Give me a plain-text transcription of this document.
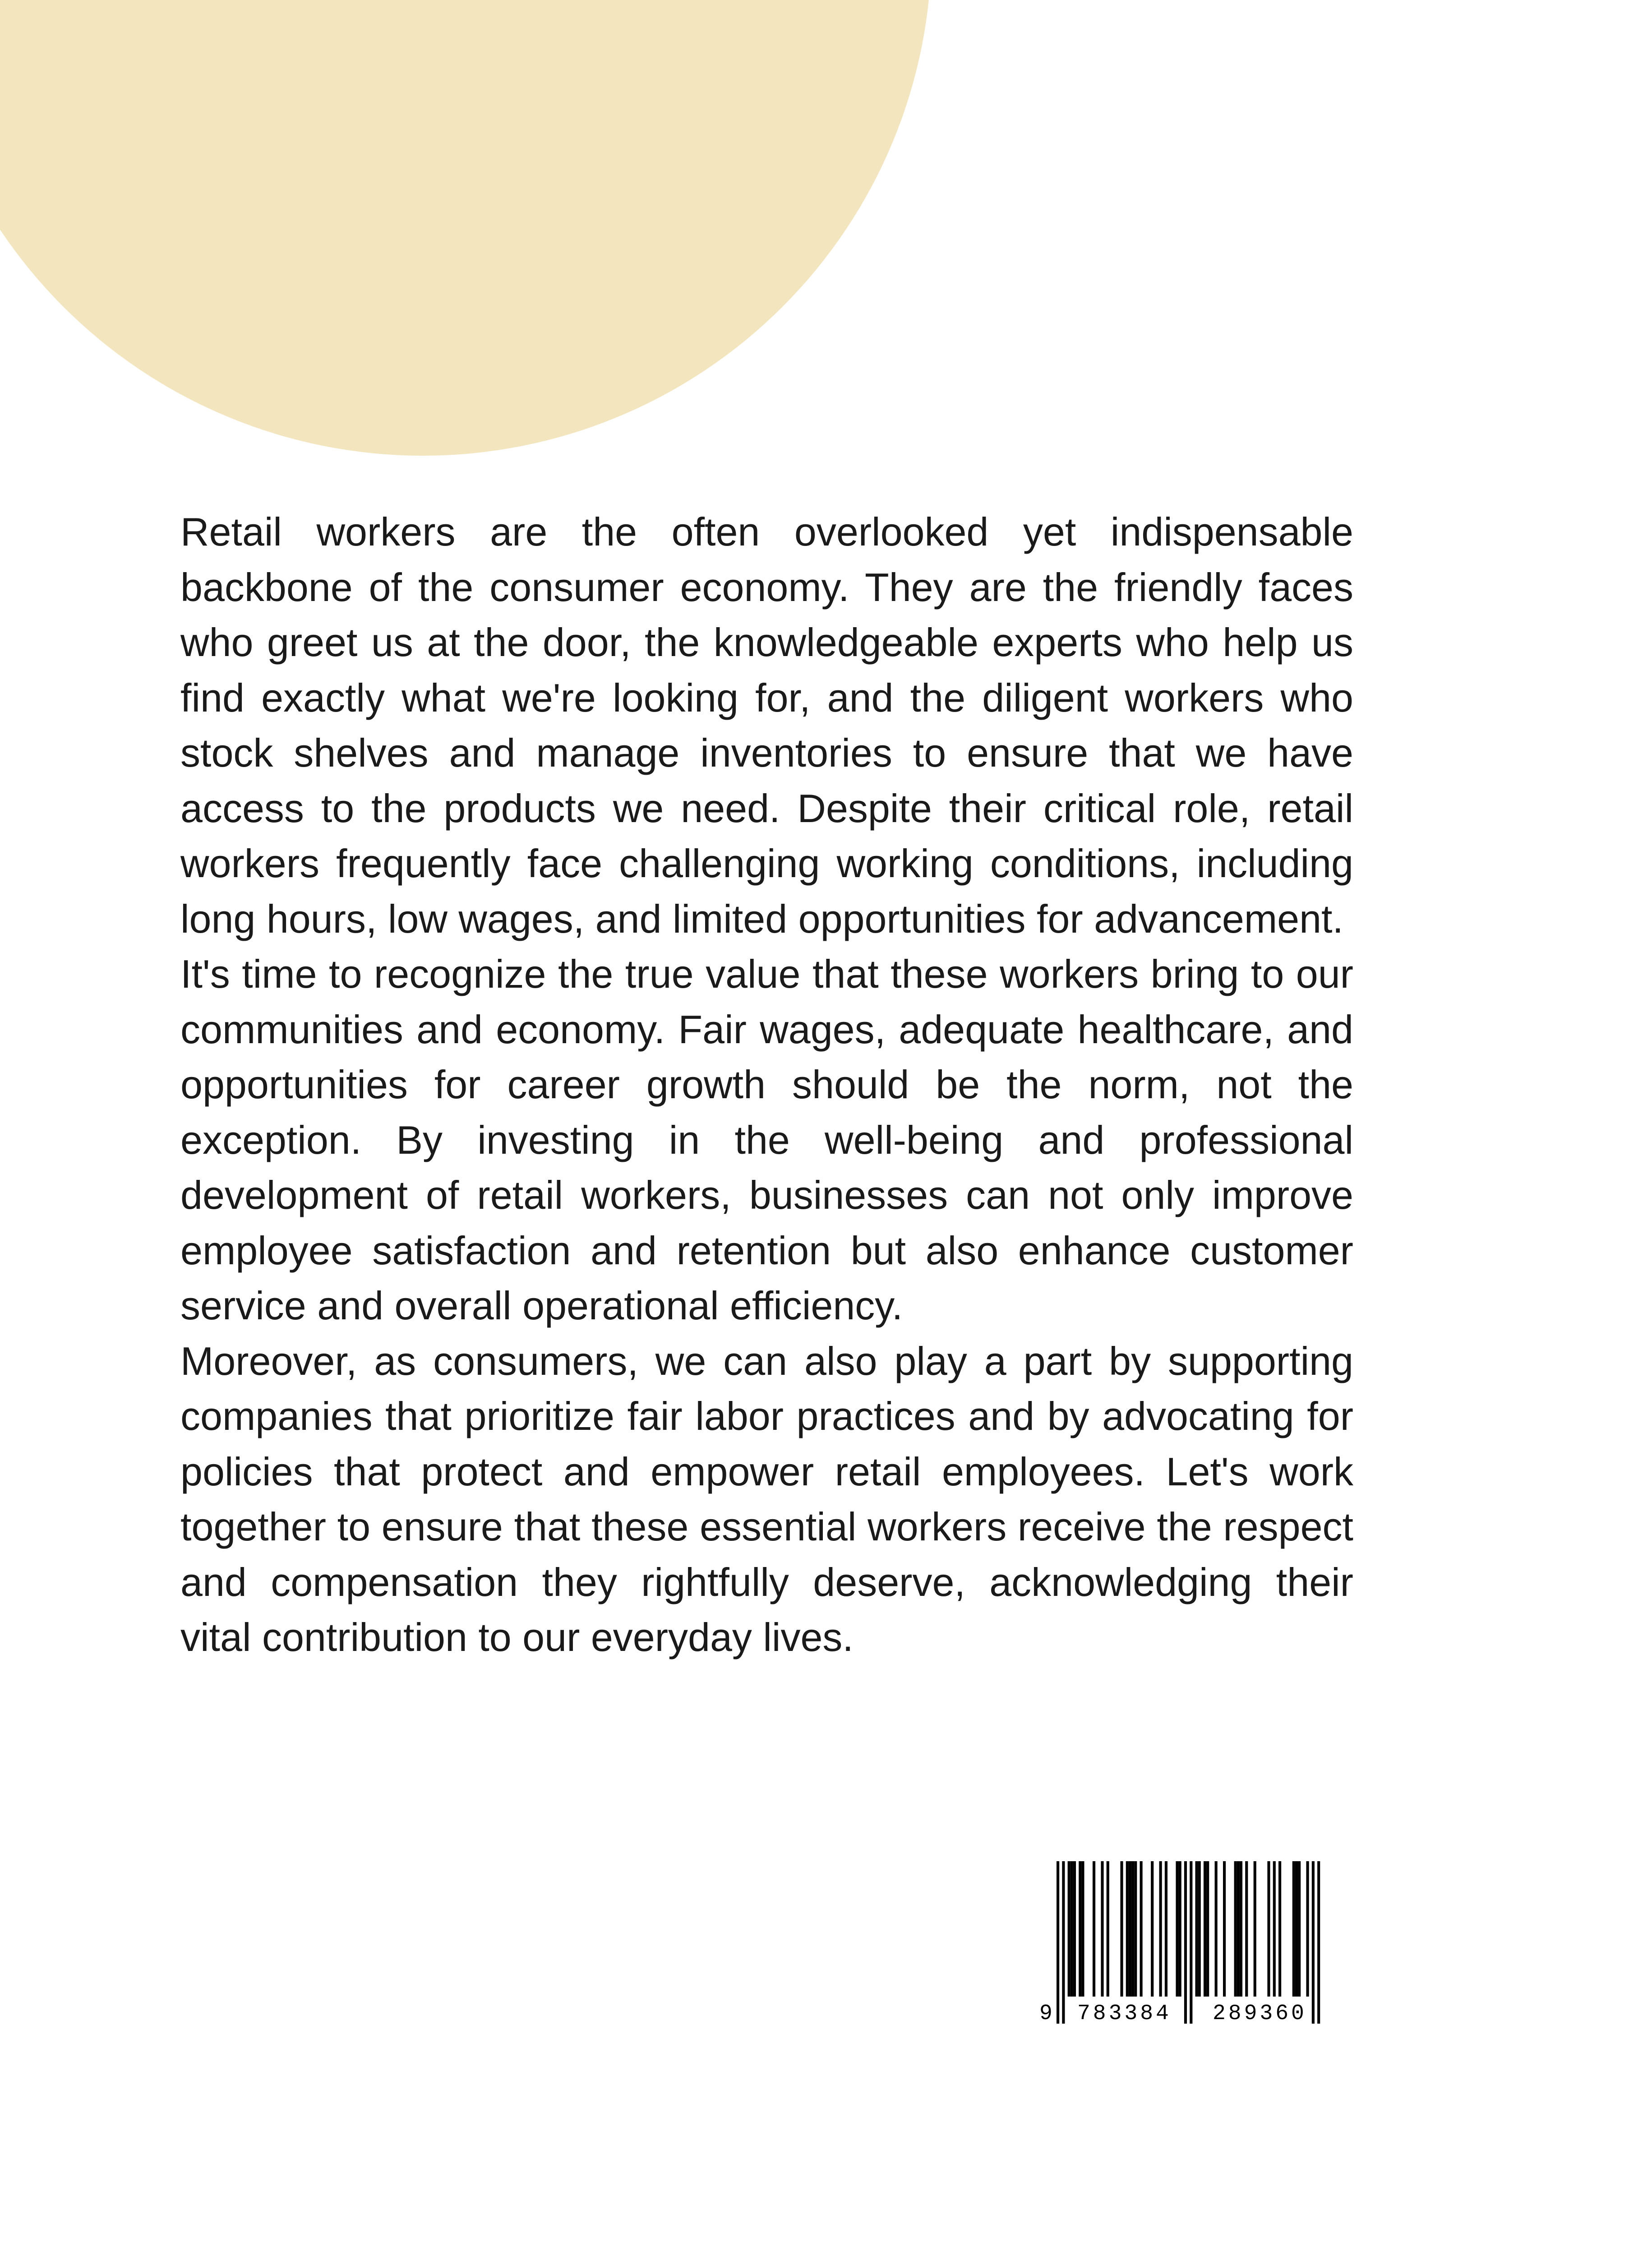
Retail workers are the often overlooked yet indispensable backbone of the consumer economy. They are the friendly faces who greet us at the door, the knowledgeable experts who help us find exactly what we're looking for, and the diligent workers who stock shelves and manage inventories to ensure that we have access to the products we need. Despite their critical role, retail workers frequently face challenging working conditions, including long hours, low wages, and limited opportunities for advancement.

It's time to recognize the true value that these workers bring to our communities and economy. Fair wages, adequate healthcare, and opportunities for career growth should be the norm, not the exception. By investing in the well-being and professional development of retail workers, businesses can not only improve employee satisfaction and retention but also enhance customer service and overall operational efficiency.

Moreover, as consumers, we can also play a part by supporting companies that prioritize fair labor practices and by advocating for policies that protect and empower retail employees. Let's work together to ensure that these essential workers receive the respect and compensation they rightfully deserve, acknowledging their vital contribution to our everyday lives.

9 783384 289360
